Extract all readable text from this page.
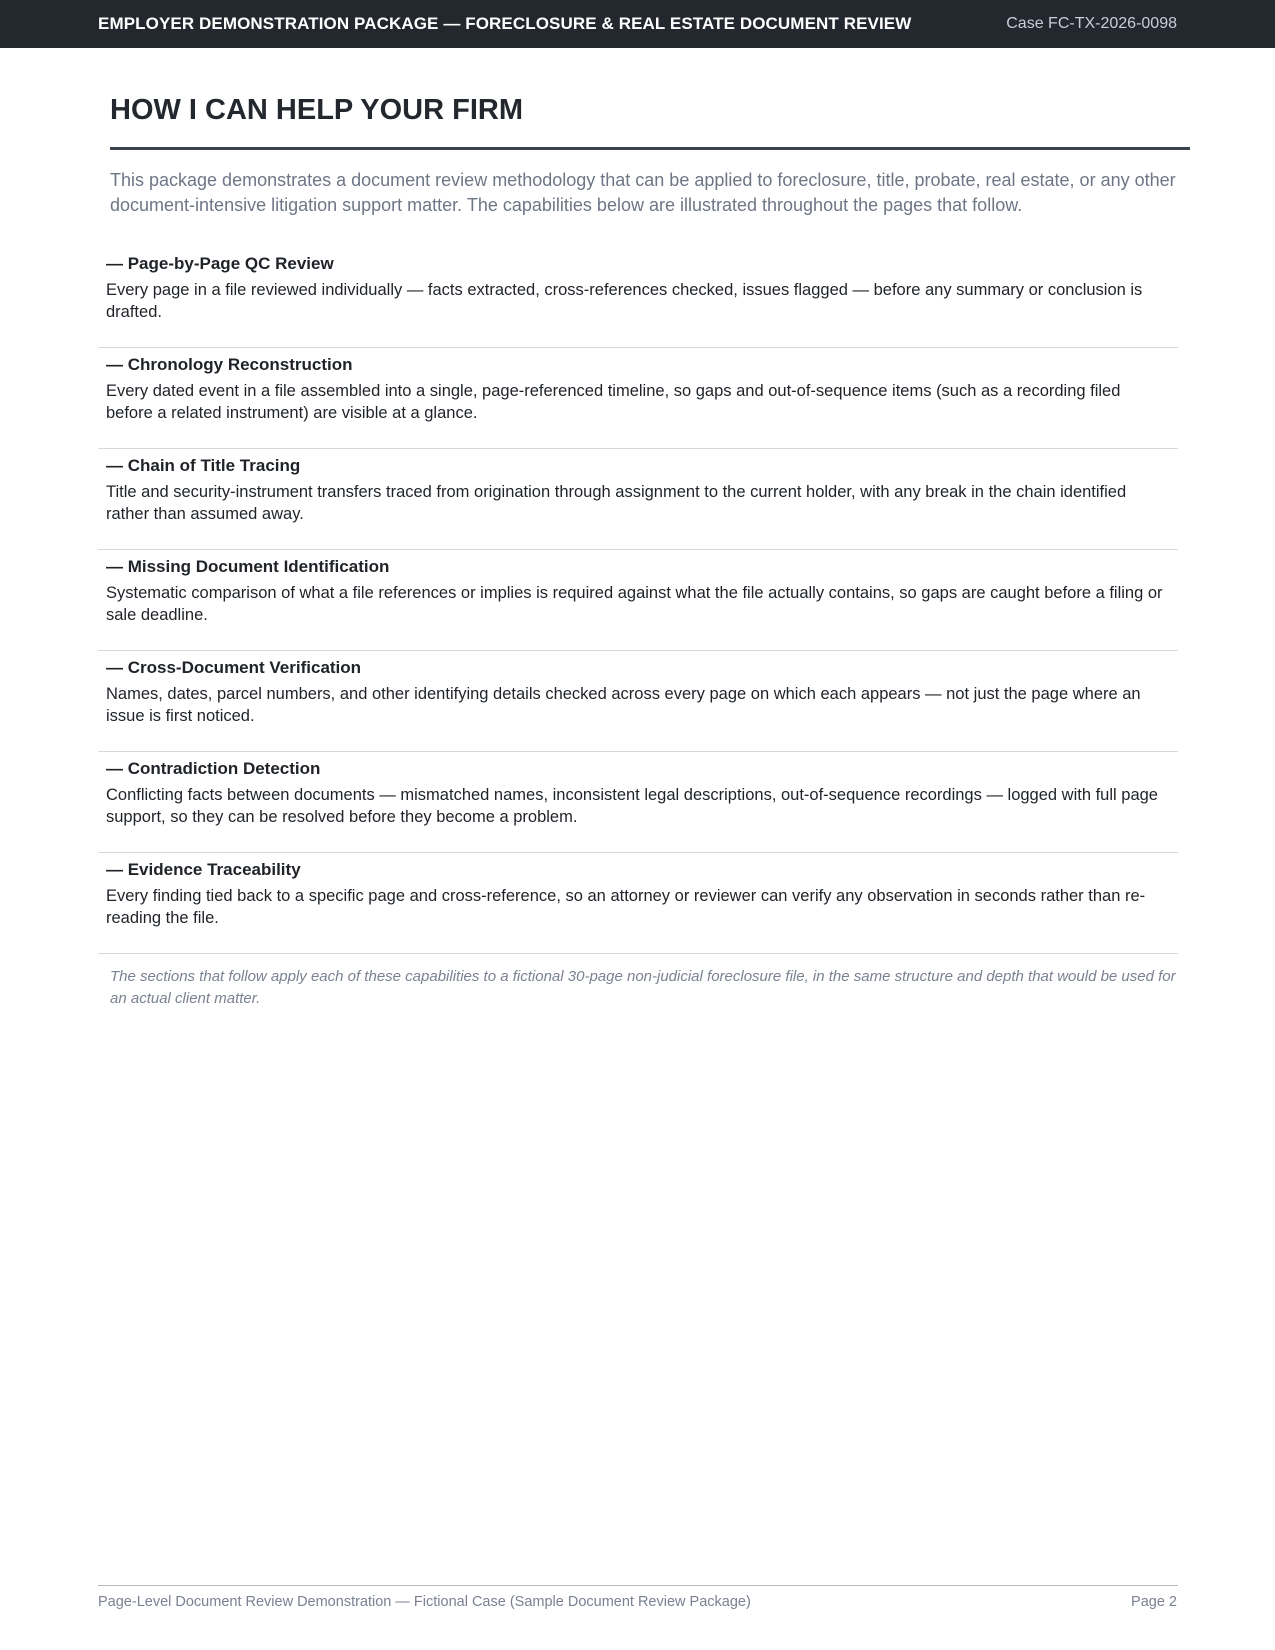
EMPLOYER DEMONSTRATION PACKAGE — FORECLOSURE & REAL ESTATE DOCUMENT REVIEW	Case FC-TX-2026-0098
HOW I CAN HELP YOUR FIRM

This package demonstrates a document review methodology that can be applied to foreclosure, title, probate, real estate, or any other document-intensive litigation support matter. The capabilities below are illustrated throughout the pages that follow.

— Page-by-Page QC Review
Every page in a file reviewed individually — facts extracted, cross-references checked, issues flagged — before any summary or conclusion is drafted.
— Chronology Reconstruction
Every dated event in a file assembled into a single, page-referenced timeline, so gaps and out-of-sequence items (such as a recording filed before a related instrument) are visible at a glance.
— Chain of Title Tracing
Title and security-instrument transfers traced from origination through assignment to the current holder, with any break in the chain identified rather than assumed away.
— Missing Document Identification
Systematic comparison of what a file references or implies is required against what the file actually contains, so gaps are caught before a filing or sale deadline.
— Cross-Document Verification
Names, dates, parcel numbers, and other identifying details checked across every page on which each appears — not just the page where an issue is first noticed.
— Contradiction Detection
Conflicting facts between documents — mismatched names, inconsistent legal descriptions, out-of-sequence recordings — logged with full page support, so they can be resolved before they become a problem.
— Evidence Traceability
Every finding tied back to a specific page and cross-reference, so an attorney or reviewer can verify any observation in seconds rather than re-reading the file.

The sections that follow apply each of these capabilities to a fictional 30-page non-judicial foreclosure file, in the same structure and depth that would be used for an actual client matter.

Page-Level Document Review Demonstration — Fictional Case (Sample Document Review Package)	Page 2
